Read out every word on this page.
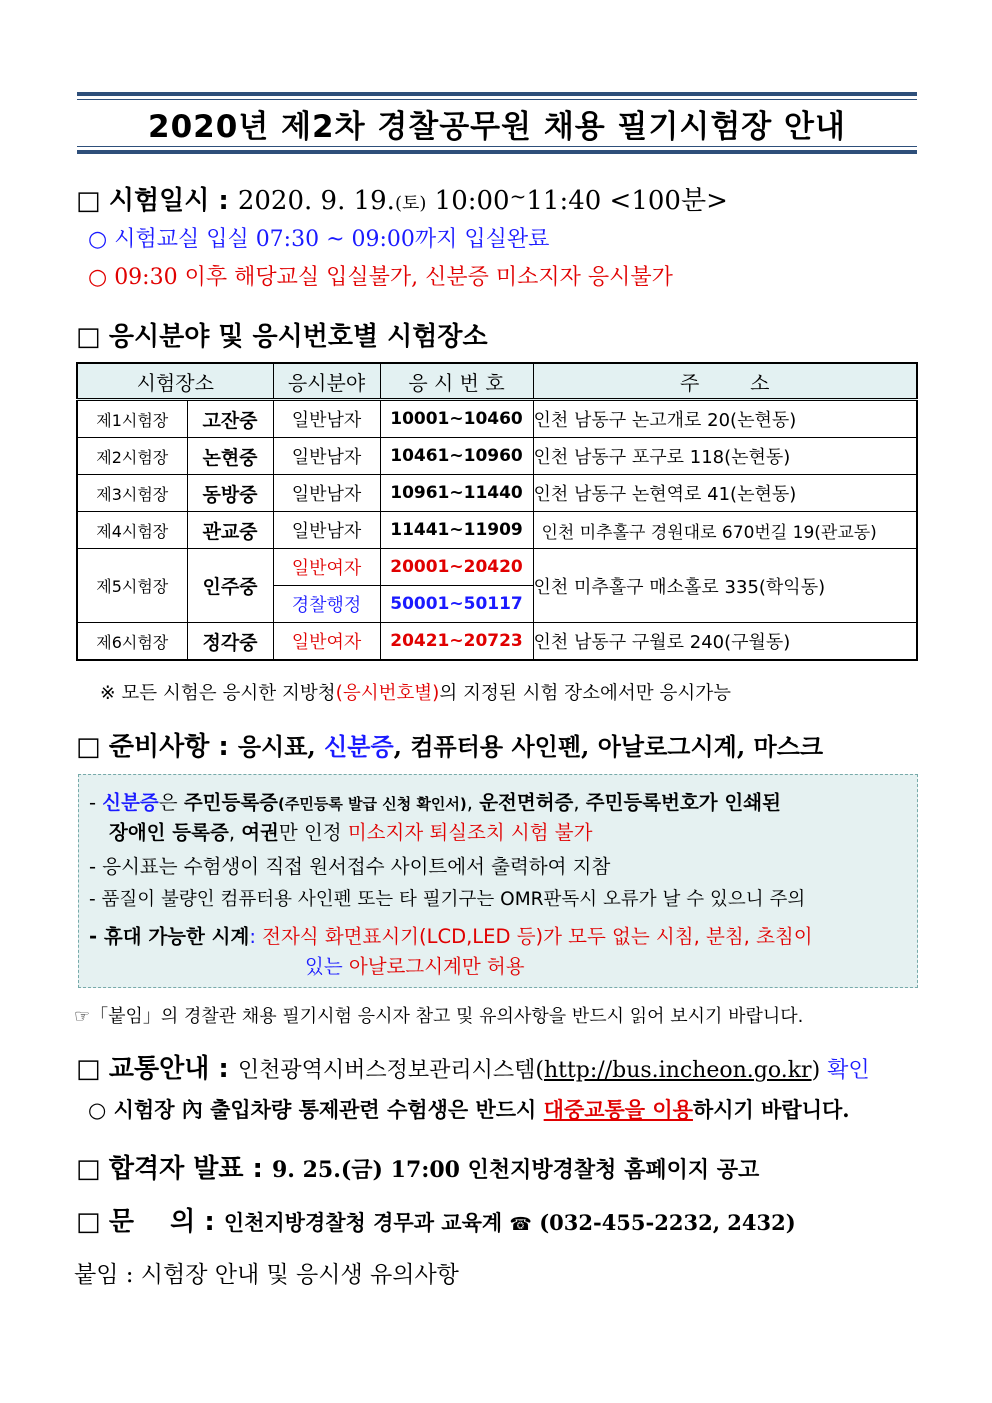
2020년 제2차 경찰공무원 채용 필기시험장 안내
□ 시험일시 : 2020. 9. 19.(토) 10:00~11:40 <100분>
○ 시험교실 입실 07:30 ~ 09:00까지 입실완료
○ 09:30 이후 해당교실 입실불가, 신분증 미소지자 응시불가
□ 응시분야 및 응시번호별 시험장소
시험장소		응시분야	응 시 번 호	주        소
제1시험장	고잔중	일반남자	10001~10460	인천 남동구 논고개로 20(논현동)
제2시험장	논현중	일반남자	10461~10960	인천 남동구 포구로 118(논현동)
제3시험장	동방중	일반남자	10961~11440	인천 남동구 논현역로 41(논현동)
제4시험장	관교중	일반남자	11441~11909	인천 미추홀구 경원대로 670번길 19(관교동)
제5시험장	인주중	일반여자	20001~20420	인천 미추홀구 매소홀로 335(학익동)
		경찰행정	50001~50117	
제6시험장	정각중	일반여자	20421~20723	인천 남동구 구월로 240(구월동)
※ 모든 시험은 응시한 지방청(응시번호별)의 지정된 시험 장소에서만 응시가능
□ 준비사항 : 응시표, 신분증, 컴퓨터용 사인펜, 아날로그시계, 마스크
- 신분증은 주민등록증(주민등록 발급 신청 확인서), 운전면허증, 주민등록번호가 인쇄된
장애인 등록증, 여권만 인정 미소지자 퇴실조치 시험 불가
- 응시표는 수험생이 직접 원서접수 사이트에서 출력하여 지참
- 품질이 불량인 컴퓨터용 사인펜 또는 타 필기구는 OMR판독시 오류가 날 수 있으니 주의
- 휴대 가능한 시계: 전자식 화면표시기(LCD,LED 등)가 모두 없는 시침, 분침, 초침이
있는 아날로그시계만 허용
☞「붙임」의 경찰관 채용 필기시험 응시자 참고 및 유의사항을 반드시 읽어 보시기 바랍니다.
□ 교통안내 : 인천광역시버스정보관리시스템(http://bus.incheon.go.kr) 확인
○ 시험장 內 출입차량 통제관련 수험생은 반드시 대중교통을 이용하시기 바랍니다.
□ 합격자 발표 : 9. 25.(금) 17:00 인천지방경찰청 홈페이지 공고
□ 문    의 : 인천지방경찰청 경무과 교육계 ☎ (032-455-2232, 2432)
붙임 : 시험장 안내 및 응시생 유의사항
